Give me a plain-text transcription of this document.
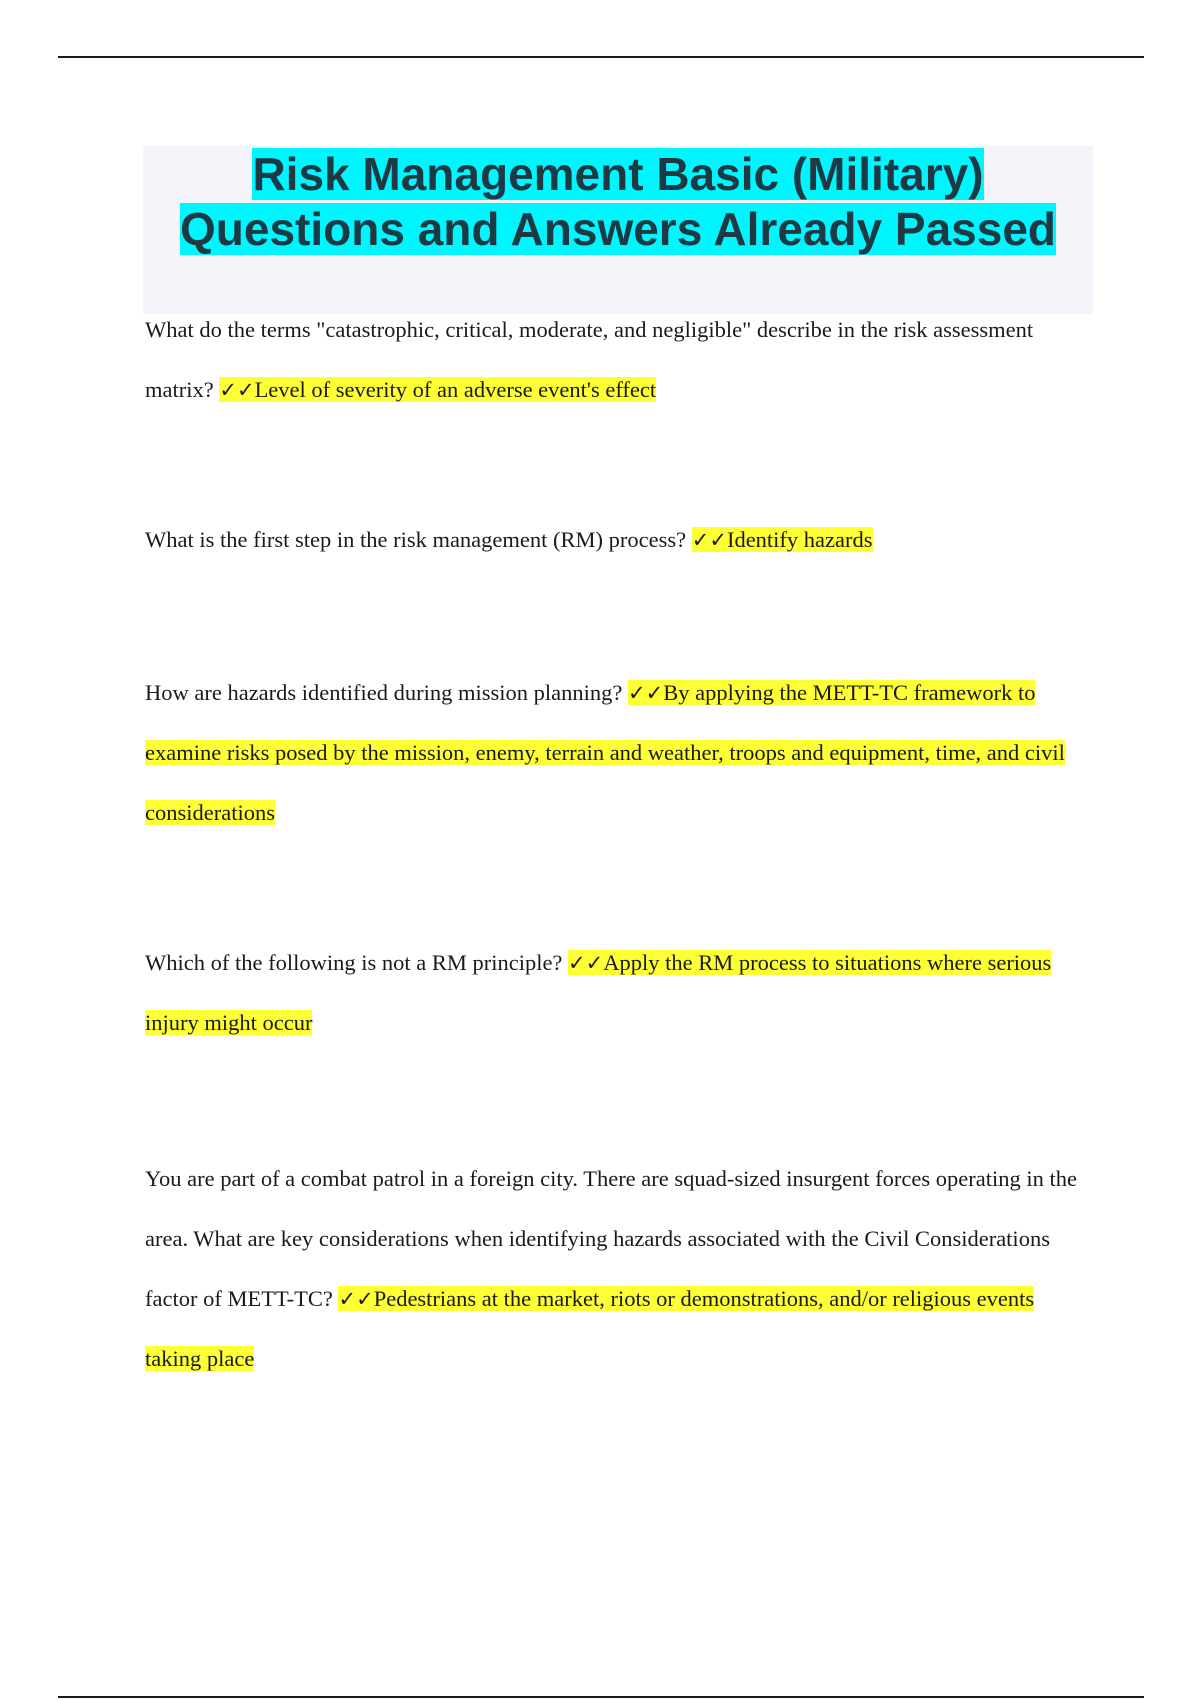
Risk Management Basic (Military)
Questions and Answers Already Passed

What do the terms "catastrophic, critical, moderate, and negligible" describe in the risk assessment matrix? ✓✓Level of severity of an adverse event's effect

What is the first step in the risk management (RM) process? ✓✓Identify hazards

How are hazards identified during mission planning? ✓✓By applying the METT-TC framework to examine risks posed by the mission, enemy, terrain and weather, troops and equipment, time, and civil considerations

Which of the following is not a RM principle? ✓✓Apply the RM process to situations where serious injury might occur

You are part of a combat patrol in a foreign city. There are squad-sized insurgent forces operating in the area. What are key considerations when identifying hazards associated with the Civil Considerations factor of METT-TC? ✓✓Pedestrians at the market, riots or demonstrations, and/or religious events taking place
